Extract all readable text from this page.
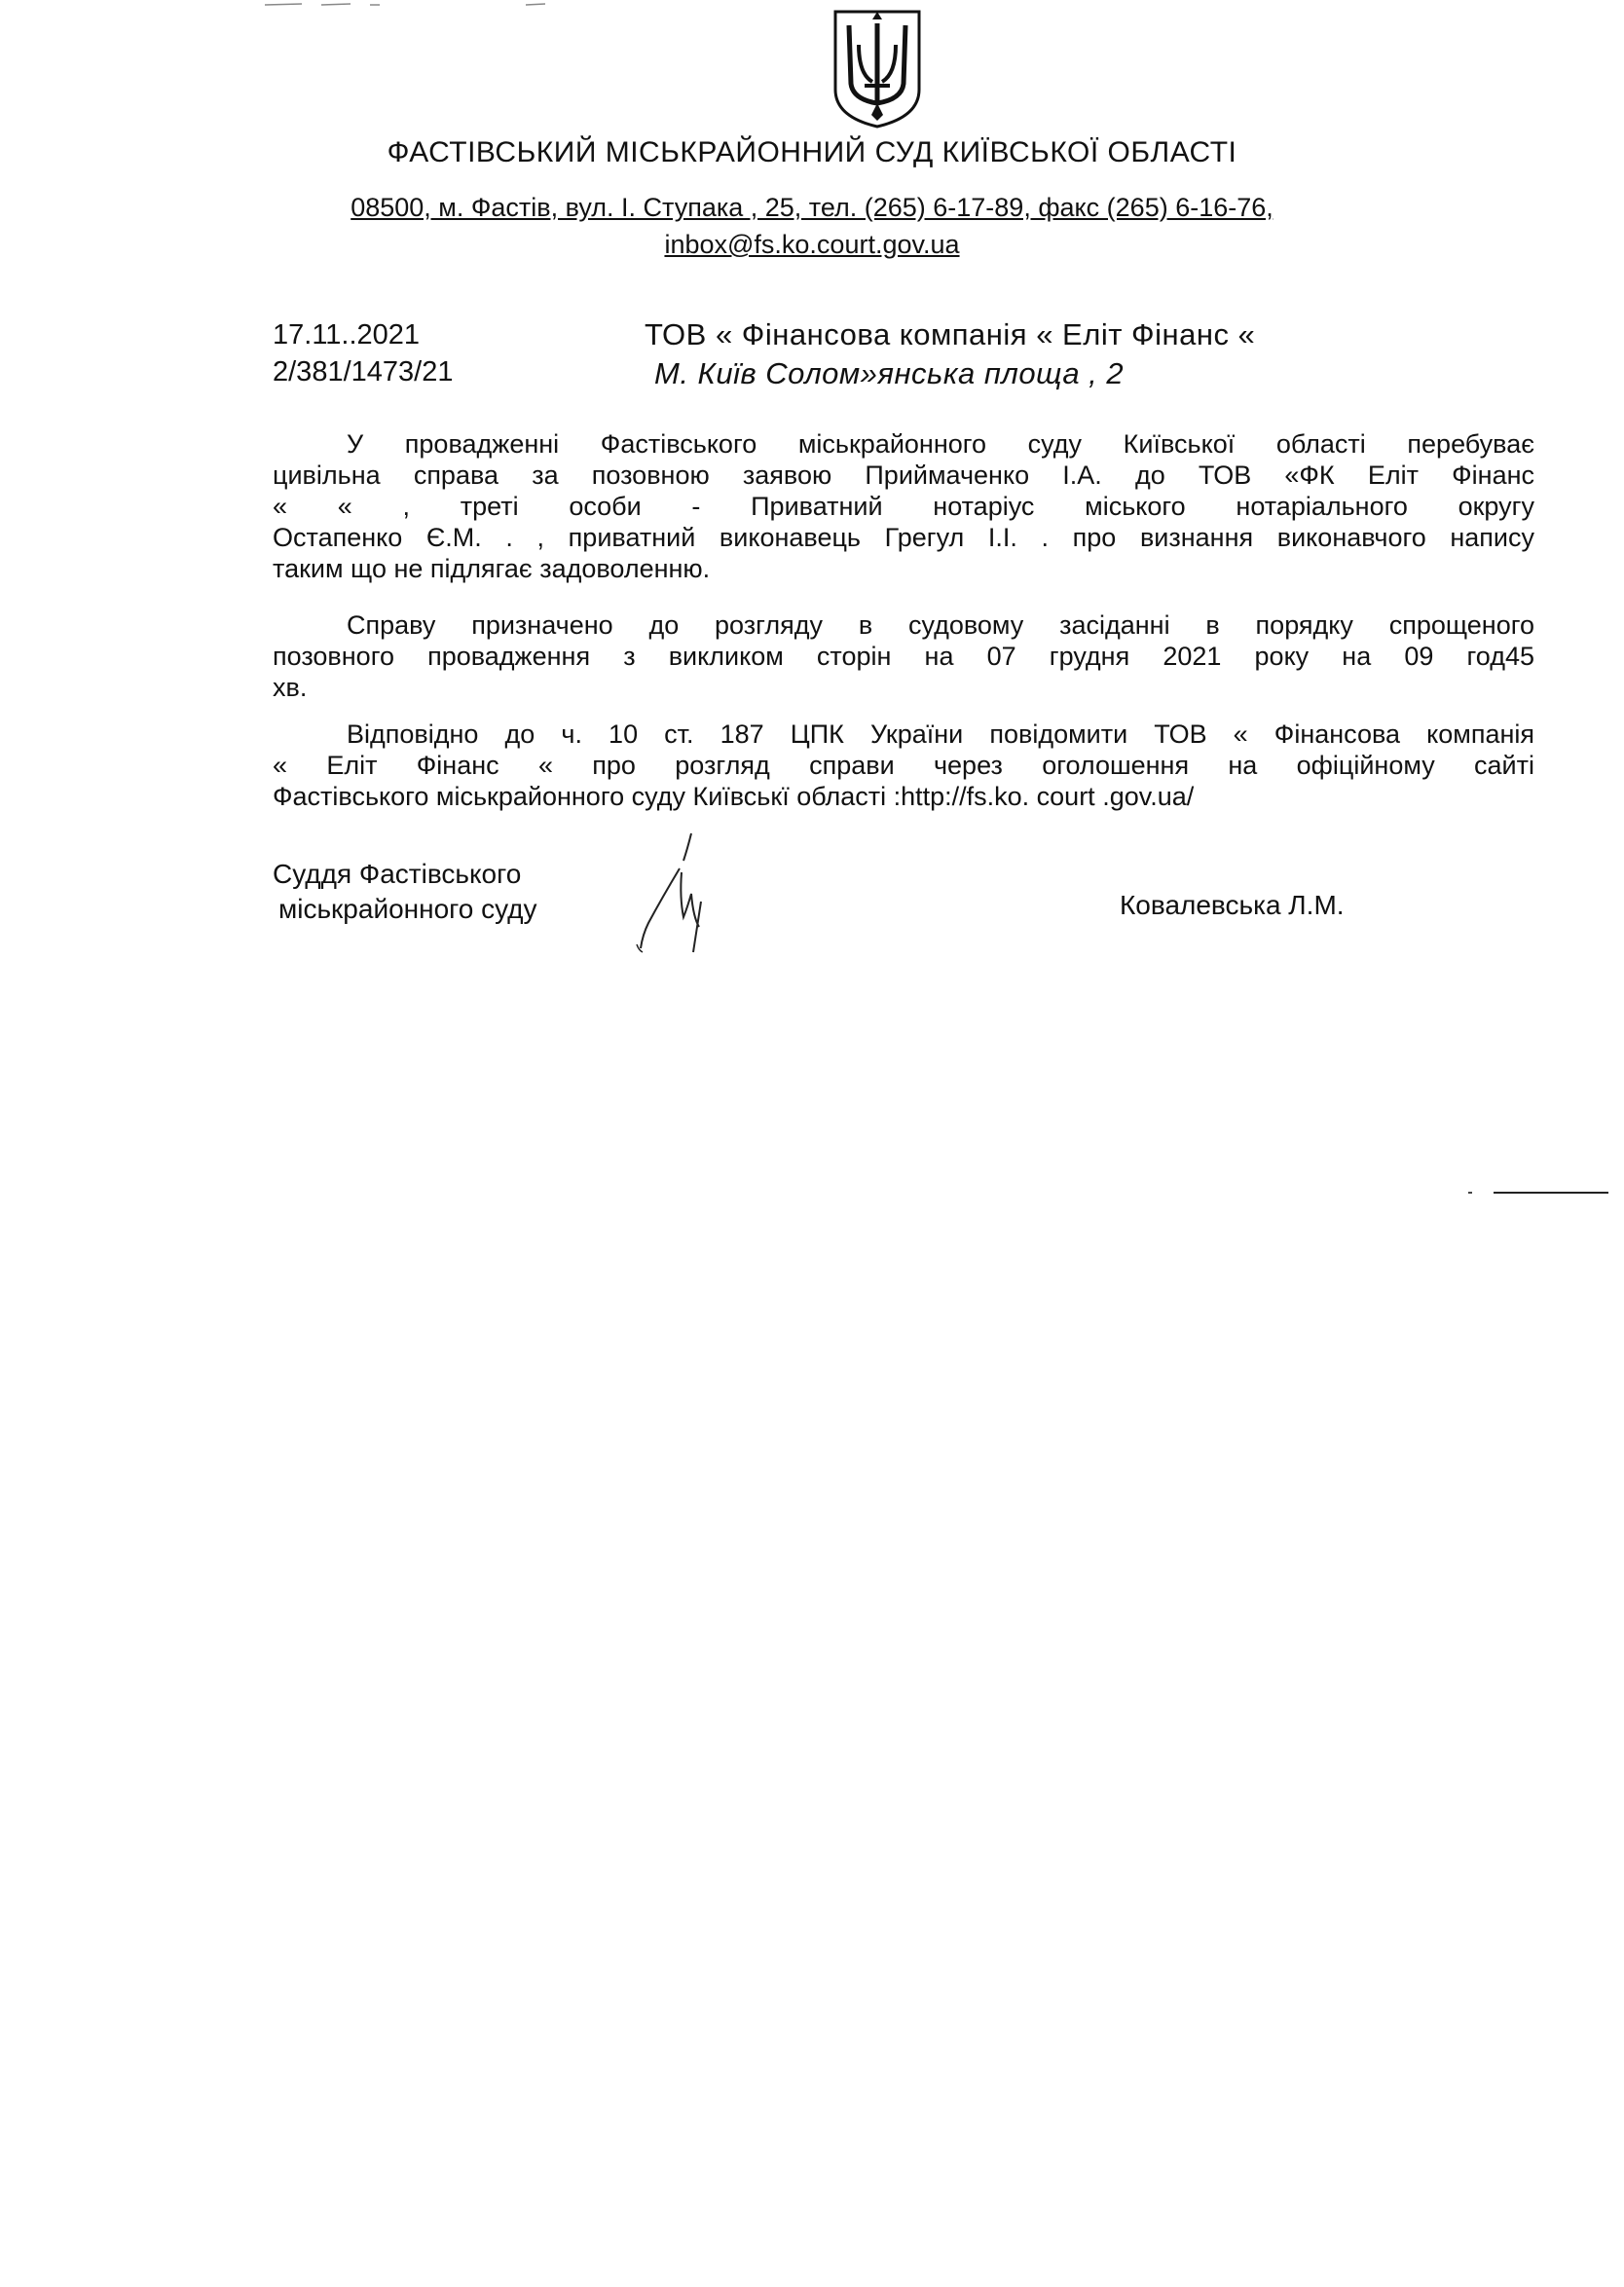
ФАСТІВСЬКИЙ МІСЬКРАЙОННИЙ СУД КИЇВСЬКОЇ ОБЛАСТІ
08500, м. Фастів, вул. І. Ступака , 25, тел. (265) 6-17-89, факс (265) 6-16-76,
inbox@fs.ko.court.gov.ua
17.11..2021
2/381/1473/21
ТОВ « Фінансова компанія « Еліт Фінанс «
М. Київ Солом»янська площа , 2
У провадженні Фастівського міськрайонного суду Київської області перебуває
цивільна справа за позовною заявою Приймаченко І.А. до ТОВ «ФК Еліт Фінанс
« « , треті особи - Приватний нотаріус міського нотаріального округу
Остапенко Є.М. . , приватний виконавець Грегул І.І. . про визнання виконавчого напису
таким що не підлягає задоволенню.
Справу призначено до розгляду в судовому засіданні в порядку спрощеного
позовного провадження з викликом сторін на 07 грудня 2021 року на 09 год45
хв.
Відповідно до ч. 10 ст. 187 ЦПК України повідомити ТОВ « Фінансова компанія
« Еліт Фінанс « про розгляд справи через оголошення на офіційному сайті
Фастівського міськрайонного суду Київськї області :http://fs.ko. court .gov.ua/
Суддя Фастівського
міськрайонного суду	Ковалевська Л.М.
